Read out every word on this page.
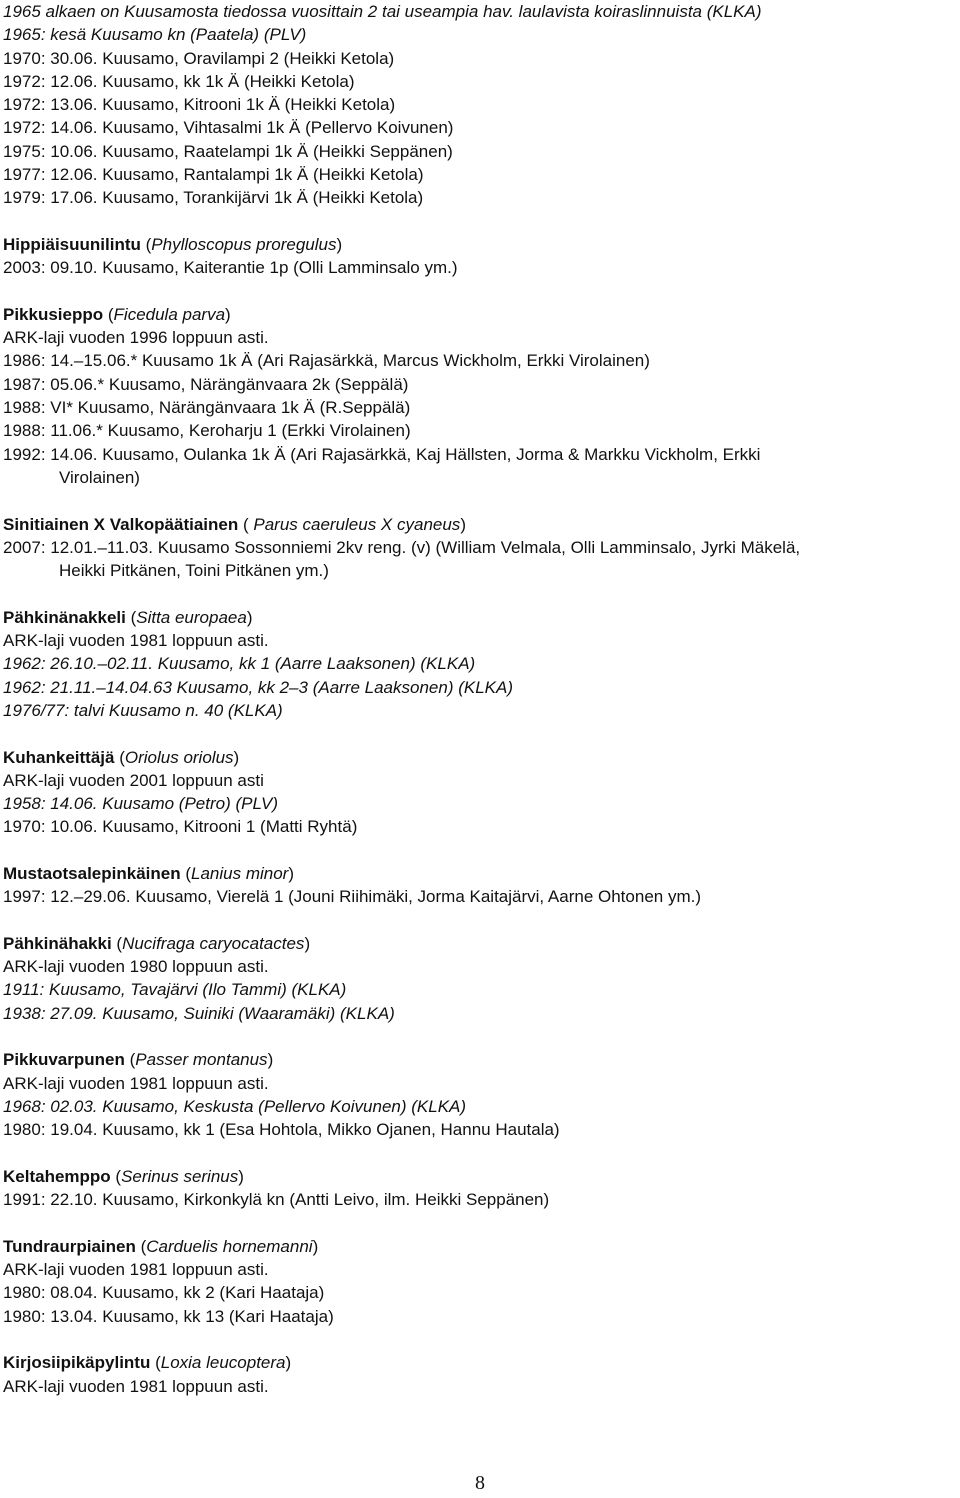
1965 alkaen on Kuusamosta tiedossa vuosittain 2 tai useampia hav. laulavista koiraslinnuista (KLKA)
1965: kesä Kuusamo kn (Paatela) (PLV)
1970: 30.06. Kuusamo, Oravilampi 2 (Heikki Ketola)
1972: 12.06. Kuusamo, kk 1k Ä (Heikki Ketola)
1972: 13.06. Kuusamo, Kitrooni 1k Ä (Heikki Ketola)
1972: 14.06. Kuusamo, Vihtasalmi 1k Ä (Pellervo Koivunen)
1975: 10.06. Kuusamo, Raatelampi 1k Ä (Heikki Seppänen)
1977: 12.06. Kuusamo, Rantalampi 1k Ä (Heikki Ketola)
1979: 17.06. Kuusamo, Torankijärvi 1k Ä (Heikki Ketola)
Hippiäisuunilintu (Phylloscopus proregulus)
2003: 09.10. Kuusamo, Kaiterantie 1p (Olli Lamminsalo ym.)
Pikkusieppo (Ficedula parva)
ARK-laji vuoden 1996 loppuun asti.
1986: 14.–15.06.* Kuusamo 1k Ä (Ari Rajasärkkä, Marcus Wickholm, Erkki Virolainen)
1987: 05.06.* Kuusamo, Närängänvaara 2k (Seppälä)
1988: VI* Kuusamo, Närängänvaara 1k Ä (R.Seppälä)
1988: 11.06.* Kuusamo, Keroharju 1 (Erkki Virolainen)
1992: 14.06. Kuusamo, Oulanka 1k Ä (Ari Rajasärkkä, Kaj Hällsten, Jorma & Markku Vickholm, Erkki
Virolainen)
Sinitiainen X Valkopäätiainen ( Parus caeruleus X cyaneus)
2007: 12.01.–11.03. Kuusamo Sossonniemi 2kv reng. (v) (William Velmala, Olli Lamminsalo, Jyrki Mäkelä,
Heikki Pitkänen, Toini Pitkänen ym.)
Pähkinänakkeli (Sitta europaea)
ARK-laji vuoden 1981 loppuun asti.
1962: 26.10.–02.11. Kuusamo, kk 1 (Aarre Laaksonen) (KLKA)
1962: 21.11.–14.04.63 Kuusamo, kk 2–3 (Aarre Laaksonen) (KLKA)
1976/77: talvi Kuusamo n. 40 (KLKA)
Kuhankeittäjä (Oriolus oriolus)
ARK-laji vuoden 2001 loppuun asti
1958: 14.06. Kuusamo (Petro) (PLV)
1970: 10.06. Kuusamo, Kitrooni 1 (Matti Ryhtä)
Mustaotsalepinkäinen (Lanius minor)
1997: 12.–29.06. Kuusamo, Vierelä 1 (Jouni Riihimäki, Jorma Kaitajärvi, Aarne Ohtonen ym.)
Pähkinähakki (Nucifraga caryocatactes)
ARK-laji vuoden 1980 loppuun asti.
1911: Kuusamo, Tavajärvi (Ilo Tammi) (KLKA)
1938: 27.09. Kuusamo, Suiniki (Waaramäki) (KLKA)
Pikkuvarpunen (Passer montanus)
ARK-laji vuoden 1981 loppuun asti.
1968: 02.03. Kuusamo, Keskusta (Pellervo Koivunen) (KLKA)
1980: 19.04. Kuusamo, kk 1 (Esa Hohtola, Mikko Ojanen, Hannu Hautala)
Keltahemppo (Serinus serinus)
1991: 22.10. Kuusamo, Kirkonkylä kn (Antti Leivo, ilm. Heikki Seppänen)
Tundraurpiainen (Carduelis hornemanni)
ARK-laji vuoden 1981 loppuun asti.
1980: 08.04. Kuusamo, kk 2 (Kari Haataja)
1980: 13.04. Kuusamo, kk 13 (Kari Haataja)
Kirjosiipikäpylintu (Loxia leucoptera)
ARK-laji vuoden 1981 loppuun asti.
8
